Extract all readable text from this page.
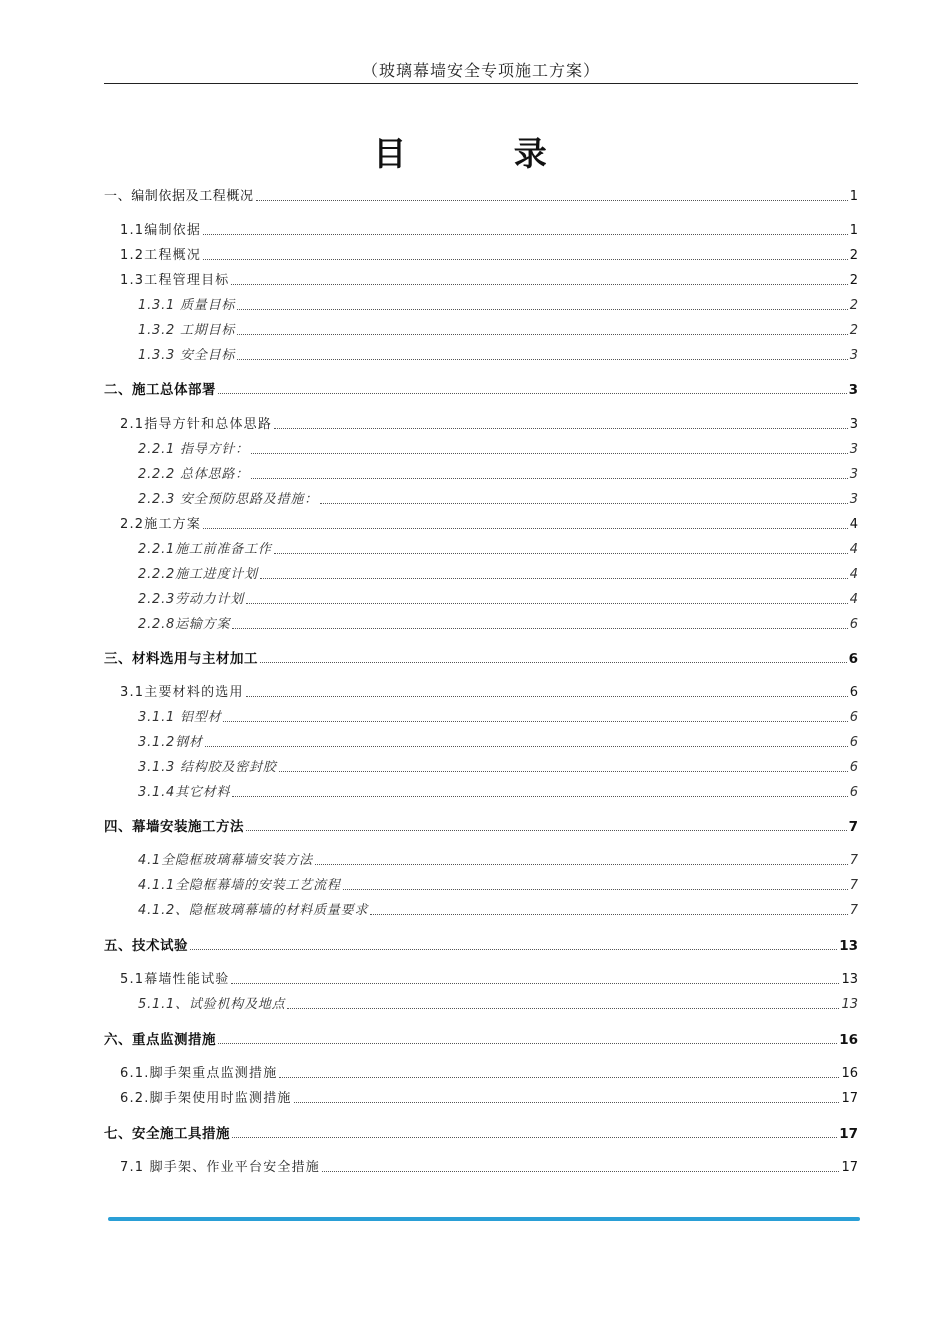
（玻璃幕墙安全专项施工方案）
目 录
一、编制依据及工程概况	1
1.1编制依据	1
1.2工程概况	2
1.3工程管理目标	2
1.3.1 质量目标	2
1.3.2 工期目标	2
1.3.3 安全目标	3
二、施工总体部署	3
2.1指导方针和总体思路	3
2.2.1 指导方针：	3
2.2.2 总体思路：	3
2.2.3 安全预防思路及措施：	3
2.2施工方案	4
2.2.1施工前准备工作	4
2.2.2施工进度计划	4
2.2.3劳动力计划	4
2.2.8运输方案	6
三、材料选用与主材加工	6
3.1主要材料的选用	6
3.1.1 铝型材	6
3.1.2钢材	6
3.1.3 结构胶及密封胶	6
3.1.4其它材料	6
四、幕墙安装施工方法	7
4.1全隐框玻璃幕墙安装方法	7
4.1.1全隐框幕墙的安装工艺流程	7
4.1.2、隐框玻璃幕墙的材料质量要求	7
五、技术试验	13
5.1幕墙性能试验	13
5.1.1、试验机构及地点	13
六、重点监测措施	16
6.1.脚手架重点监测措施	16
6.2.脚手架使用时监测措施	17
七、安全施工具措施	17
7.1 脚手架、作业平台安全措施	17
